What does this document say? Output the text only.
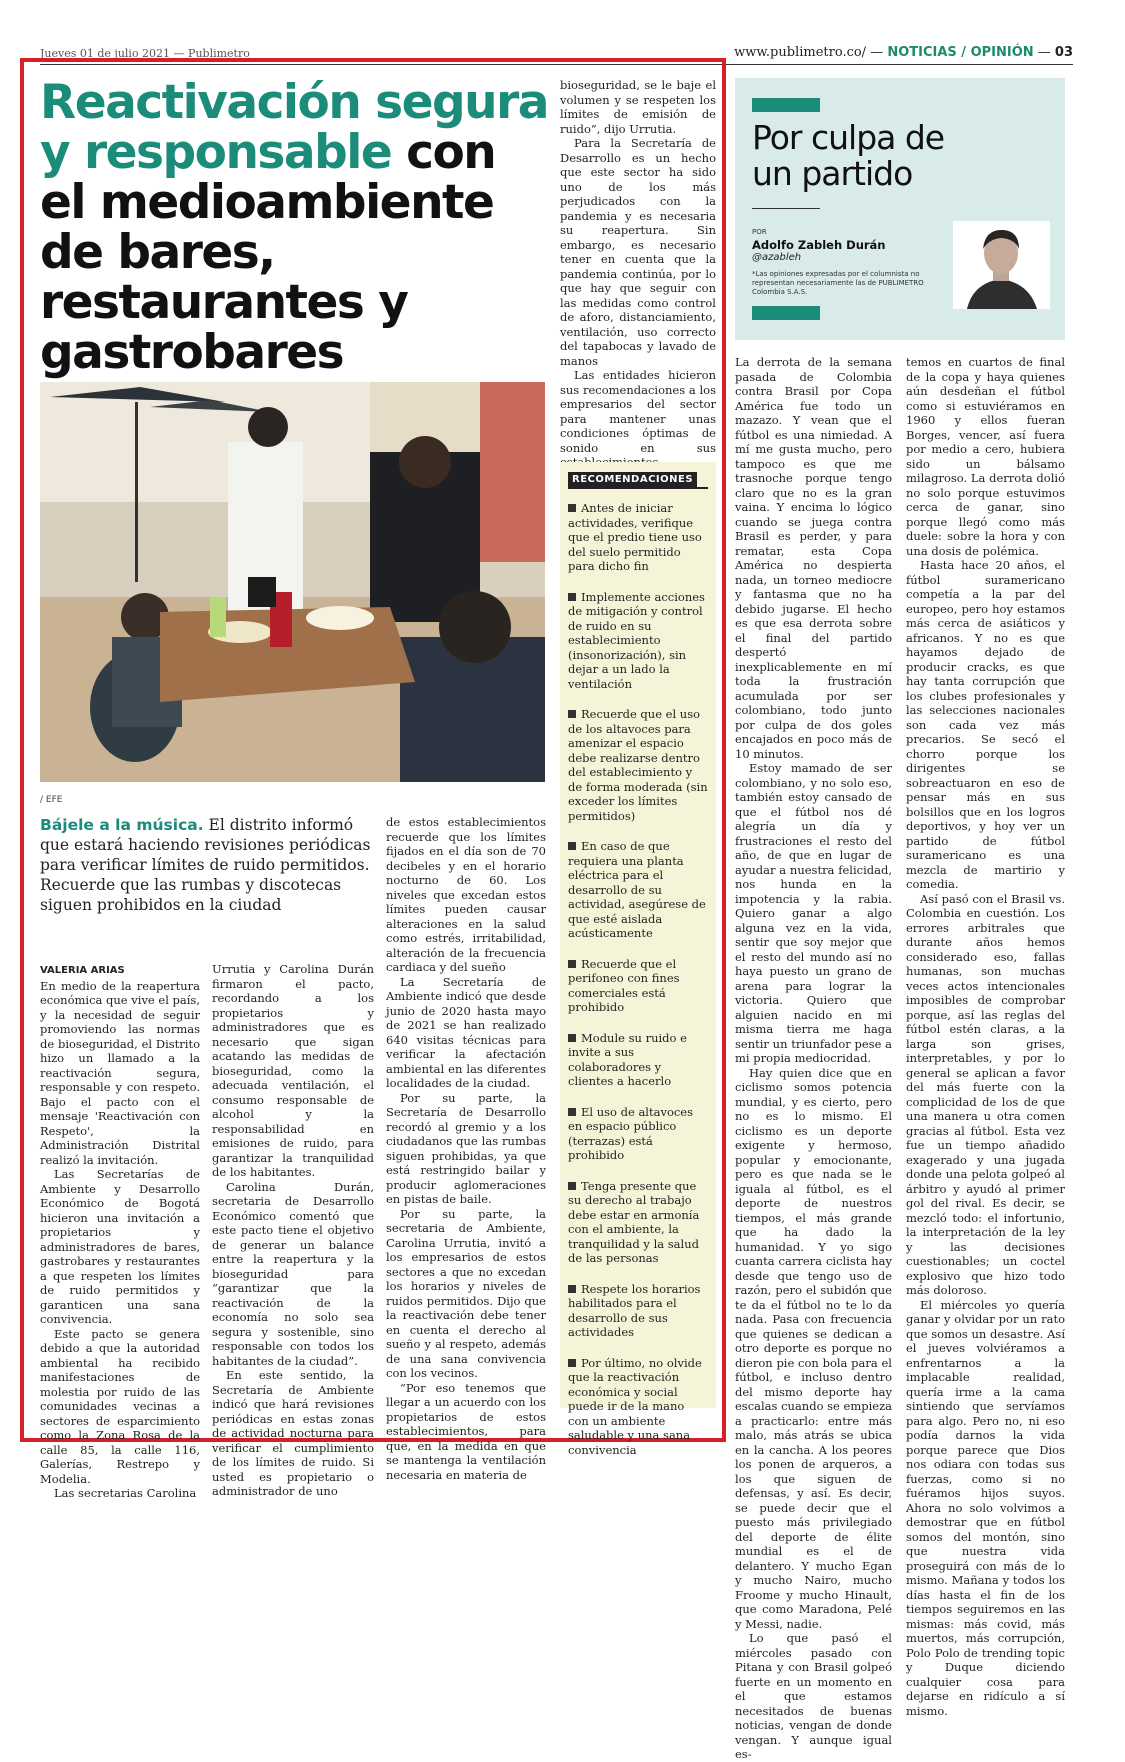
Jueves 01 de julio 2021 — Publimetro	www.publimetro.co/ — NOTICIAS / OPINIÓN — 03
Reactivación segura y responsable con el medioambiente de bares, restaurantes y gastrobares
/ EFE
Bájele a la música. El distrito informó que estará haciendo revisiones periódicas para verificar límites de ruido permitidos. Recuerde que las rumbas y discotecas siguen prohibidos en la ciudad

VALERIA ARIAS

En medio de la reapertura económica que vive el país, y la necesidad de seguir promoviendo las normas de bioseguridad, el Distrito hizo un llamado a la reactivación segura, responsable y con respeto. Bajo el pacto con el mensaje 'Reactivación con Respeto', la Administración Distrital realizó la invitación.

Las Secretarías de Ambiente y Desarrollo Económico de Bogotá hicieron una invitación a propietarios y administradores de bares, gastrobares y restaurantes a que respeten los límites de ruido permitidos y garanticen una sana convivencia.

Este pacto se genera debido a que la autoridad ambiental ha recibido manifestaciones de molestia por ruido de las comunidades vecinas a sectores de esparcimiento como la Zona Rosa de la calle 85, la calle 116, Galerías, Restrepo y Modelia.

Las secretarias Carolina

Urrutia y Carolina Durán firmaron el pacto, recordando a los propietarios y administradores que es necesario que sigan acatando las medidas de bioseguridad, como la adecuada ventilación, el consumo responsable de alcohol y la responsabilidad en emisiones de ruido, para garantizar la tranquilidad de los habitantes.

Carolina Durán, secretaria de Desarrollo Económico comentó que este pacto tiene el objetivo de generar un balance entre la reapertura y la bioseguridad para “garantizar que la reactivación de la economía no solo sea segura y sostenible, sino responsable con todos los habitantes de la ciudad”.

En este sentido, la Secretaría de Ambiente indicó que hará revisiones periódicas en estas zonas de actividad nocturna para verificar el cumplimiento de los límites de ruido. Si usted es propietario o administrador de uno

de estos establecimientos recuerde que los límites fijados en el día son de 70 decibeles y en el horario nocturno de 60. Los niveles que excedan estos límites pueden causar alteraciones en la salud como estrés, irritabilidad, alteración de la frecuencia cardiaca y del sueño

La Secretaría de Ambiente indicó que desde junio de 2020 hasta mayo de 2021 se han realizado 640 visitas técnicas para verificar la afectación ambiental en las diferentes localidades de la ciudad.

Por su parte, la Secretaría de Desarrollo recordó al gremio y a los ciudadanos que las rumbas siguen prohibidas, ya que está restringido bailar y producir aglomeraciones en pistas de baile.

Por su parte, la secretaria de Ambiente, Carolina Urrutia, invitó a los empresarios de estos sectores a que no excedan los horarios y niveles de ruidos permitidos. Dijo que la reactivación debe tener en cuenta el derecho al sueño y al respeto, además de una sana convivencia con los vecinos.

“Por eso tenemos que llegar a un acuerdo con los propietarios de estos establecimientos, para que, en la medida en que se mantenga la ventilación necesaria en materia de

bioseguridad, se le baje el volumen y se respeten los límites de emisión de ruido”, dijo Urrutia.

Para la Secretaría de Desarrollo es un hecho que este sector ha sido uno de los más perjudicados con la pandemia y es necesaria su reapertura. Sin embargo, es necesario tener en cuenta que la pandemia continúa, por lo que hay que seguir con las medidas como control de aforo, distanciamiento, ventilación, uso correcto del tapabocas y lavado de manos

Las entidades hicieron sus recomendaciones a los empresarios del sector para mantener unas condiciones óptimas de sonido en sus

RECOMENDACIONES
Antes de iniciar actividades, verifique que el predio tiene uso del suelo permitido para dicho fin
Implemente acciones de mitigación y control de ruido en su establecimiento (insonorización), sin dejar a un lado la ventilación
Recuerde que el uso de los altavoces para amenizar el espacio debe realizarse dentro del establecimiento y de forma moderada (sin exceder los límites permitidos)
En caso de que requiera una planta eléctrica para el desarrollo de su actividad, asegúrese de que esté aislada acústicamente
Recuerde que el perifoneo con fines comerciales está prohibido
Module su ruido e invite a sus colaboradores y clientes a hacerlo
El uso de altavoces en espacio público (terrazas) está prohibido
Tenga presente que su derecho al trabajo debe estar en armonía con el ambiente, la tranquilidad y la salud de las personas
Respete los horarios habilitados para el desarrollo de sus actividades
Por último, no olvide que la reactivación económica y social puede ir de la mano con un ambiente saludable y una sana convivencia
Por culpa de
un partido
POR
Adolfo Zableh Durán
@azableh
*Las opiniones expresadas por el columnista no representan necesariamente las de PUBLIMETRO Colombia S.A.S.

La derrota de la semana pasada de Colombia contra Brasil por Copa América fue todo un mazazo. Y vean que el fútbol es una nimiedad. A mí me gusta mucho, pero tampoco es que me trasnoche porque tengo claro que no es la gran vaina. Y encima lo lógico cuando se juega contra Brasil es perder, y para rematar, esta Copa América no despierta nada, un torneo mediocre y fantasma que no ha debido jugarse. El hecho es que esa derrota sobre el final del partido despertó inexplicablemente en mí toda la frustración acumulada por ser colombiano, todo junto por culpa de dos goles encajados en poco más de 10 minutos.

Estoy mamado de ser colombiano, y no solo eso, también estoy cansado de que el fútbol nos dé alegría un día y frustraciones el resto del año, de que en lugar de ayudar a nuestra felicidad, nos hunda en la impotencia y la rabia. Quiero ganar a algo alguna vez en la vida, sentir que soy mejor que el resto del mundo así no haya puesto un grano de arena para lograr la victoria. Quiero que alguien nacido en mi misma tierra me haga sentir un triunfador pese a mi propia mediocridad.

Hay quien dice que en ciclismo somos potencia mundial, y es cierto, pero no es lo mismo. El ciclismo es un deporte exigente y hermoso, popular y emocionante, pero es que nada se le iguala al fútbol, es el deporte de nuestros tiempos, el más grande que ha dado la humanidad. Y yo sigo cuanta carrera ciclista hay desde que tengo uso de razón, pero el subidón que te da el fútbol no te lo da nada. Pasa con frecuencia que quienes se dedican a otro deporte es porque no dieron pie con bola para el fútbol, e incluso dentro del mismo deporte hay escalas cuando se empieza a practicarlo: entre más malo, más atrás se ubica en la cancha. A los peores los ponen de arqueros, a los que siguen de defensas, y así. Es decir, se puede decir que el puesto más privilegiado del deporte de élite mundial es el de delantero. Y mucho Egan y mucho Nairo, mucho Froome y mucho Hinault, que como Maradona, Pelé y Messi, nadie.

Lo que pasó el miércoles pasado con Pitana y con Brasil golpeó fuerte en un momento en el que estamos necesitados de buenas noticias, vengan de donde vengan. Y aunque igual es-

temos en cuartos de final de la copa y haya quienes aún desdeñan el fútbol como si estuviéramos en 1960 y ellos fueran Borges, vencer, así fuera por medio a cero, hubiera sido un bálsamo milagroso. La derrota dolió no solo porque estuvimos cerca de ganar, sino porque llegó como más duele: sobre la hora y con una dosis de polémica.

Hasta hace 20 años, el fútbol suramericano competía a la par del europeo, pero hoy estamos más cerca de asiáticos y africanos. Y no es que hayamos dejado de producir cracks, es que hay tanta corrupción que los clubes profesionales y las selecciones nacionales son cada vez más precarios. Se secó el chorro porque los dirigentes se sobreactuaron en eso de pensar más en sus bolsillos que en los logros deportivos, y hoy ver un partido de fútbol suramericano es una mezcla de martirio y comedia.

Así pasó con el Brasil vs. Colombia en cuestión. Los errores arbitrales que durante años hemos considerado eso, fallas humanas, son muchas veces actos intencionales imposibles de comprobar porque, así las reglas del fútbol estén claras, a la larga son grises, interpretables, y por lo general se aplican a favor del más fuerte con la complicidad de los de que una manera u otra comen gracias al fútbol. Esta vez fue un tiempo añadido exagerado y una jugada donde una pelota golpeó al árbitro y ayudó al primer gol del rival. Es decir, se mezcló todo: el infortunio, la interpretación de la ley y las decisiones cuestionables; un coctel explosivo que hizo todo más doloroso.

El miércoles yo quería ganar y olvidar por un rato que somos un desastre. Así el jueves volviéramos a enfrentarnos a la implacable realidad, quería irme a la cama sintiendo que servíamos para algo. Pero no, ni eso podía darnos la vida porque parece que Dios nos odiara con todas sus fuerzas, como si no fuéramos hijos suyos. Ahora no solo volvimos a demostrar que en fútbol somos del montón, sino que nuestra vida proseguirá con más de lo mismo. Mañana y todos los días hasta el fin de los tiempos seguiremos en las mismas: más covid, más muertos, más corrupción, Polo Polo de trending topic y Duque diciendo cualquier cosa para dejarse en ridículo a sí mismo.
